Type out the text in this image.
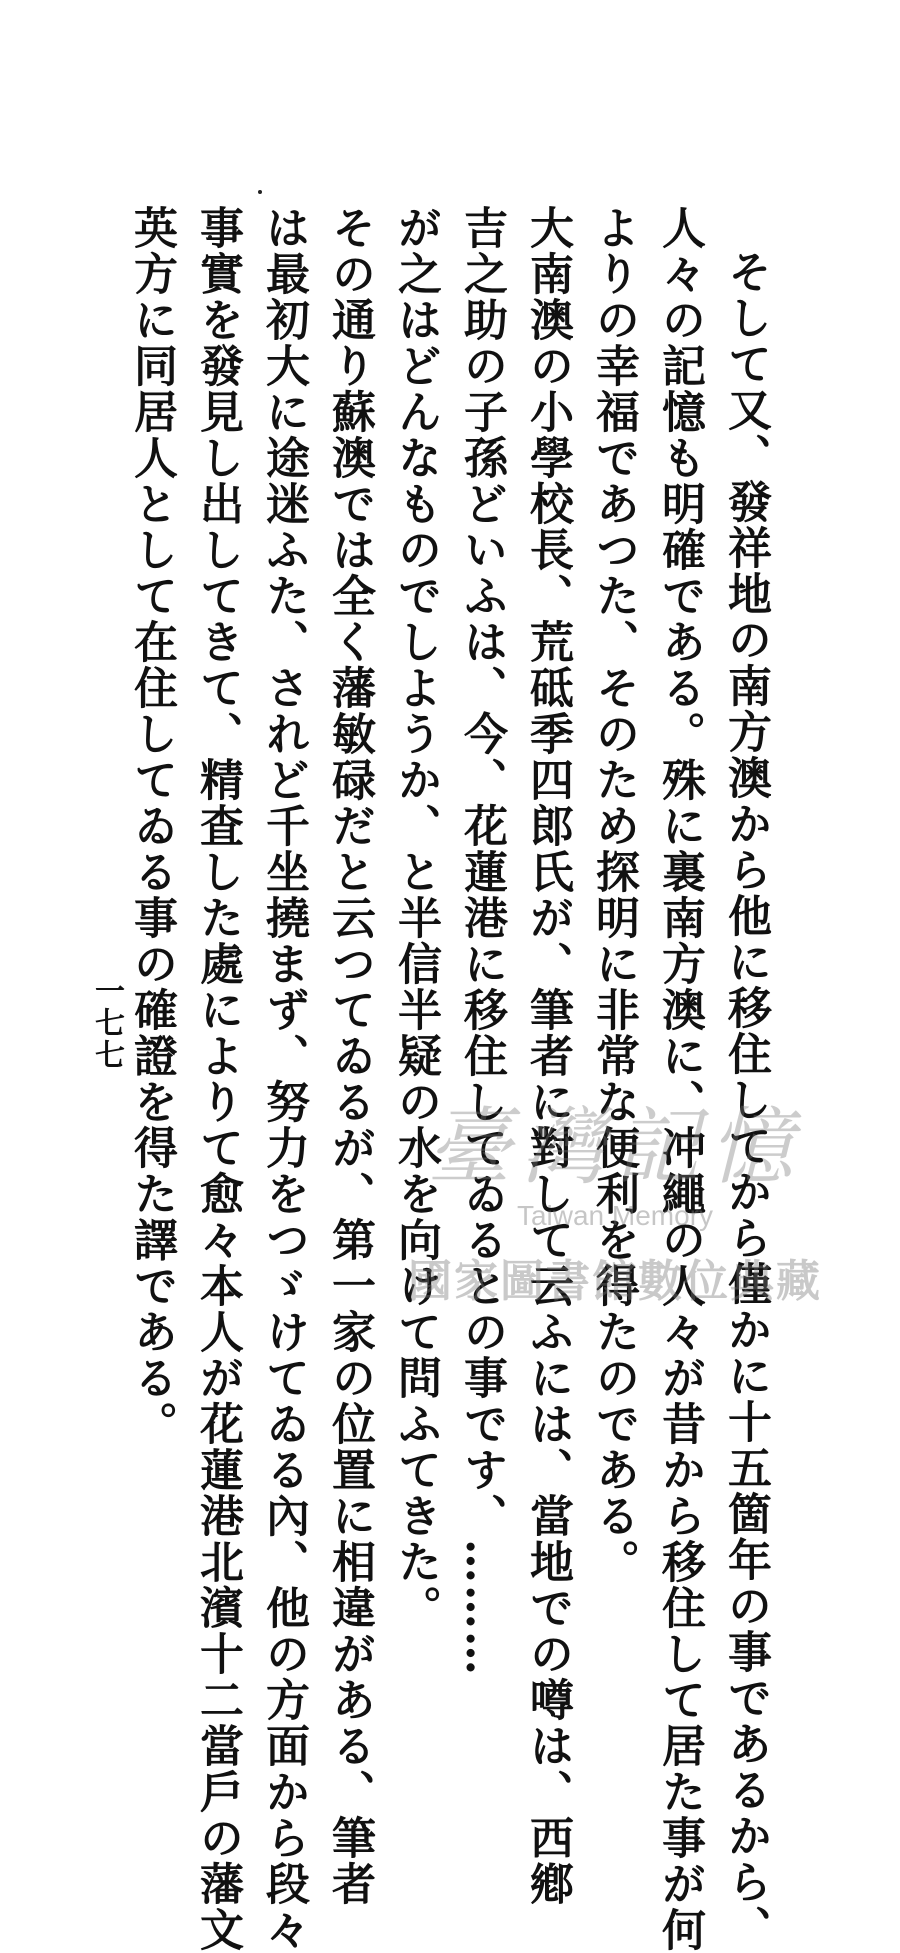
そして又、發祥地の南方澳から他に移住してから僅かに十五箇年の事であるから、
人々の記憶も明確である。殊に裏南方澳に、冲繩の人々が昔から移住して居た事が何
よりの幸福であつた、そのため探明に非常な便利を得たのである。
大南澳の小學校長、荒砥季四郎氏が、筆者に對して云ふには、當地での噂は、西鄕
吉之助の子孫どいふは、今、花蓮港に移住してゐるとの事です、………
が之はどんなものでしようか、と半信半疑の水を向けて問ふてきた。
その通り蘇澳では全く藩敏碌だと云つてゐるが、第一家の位置に相違がある、筆者
は最初大に途迷ふた、されど千坐撓まず、努力をつゞけてゐる內、他の方面から段々
事實を發見し出してきて、精査した處によりて愈々本人が花蓮港北濱十二當戶の藩文
英方に同居人として在住してゐる事の確證を得た譯である。
一七七
臺灣記憶
Taiwan Memory
國家圖書館數位典藏
